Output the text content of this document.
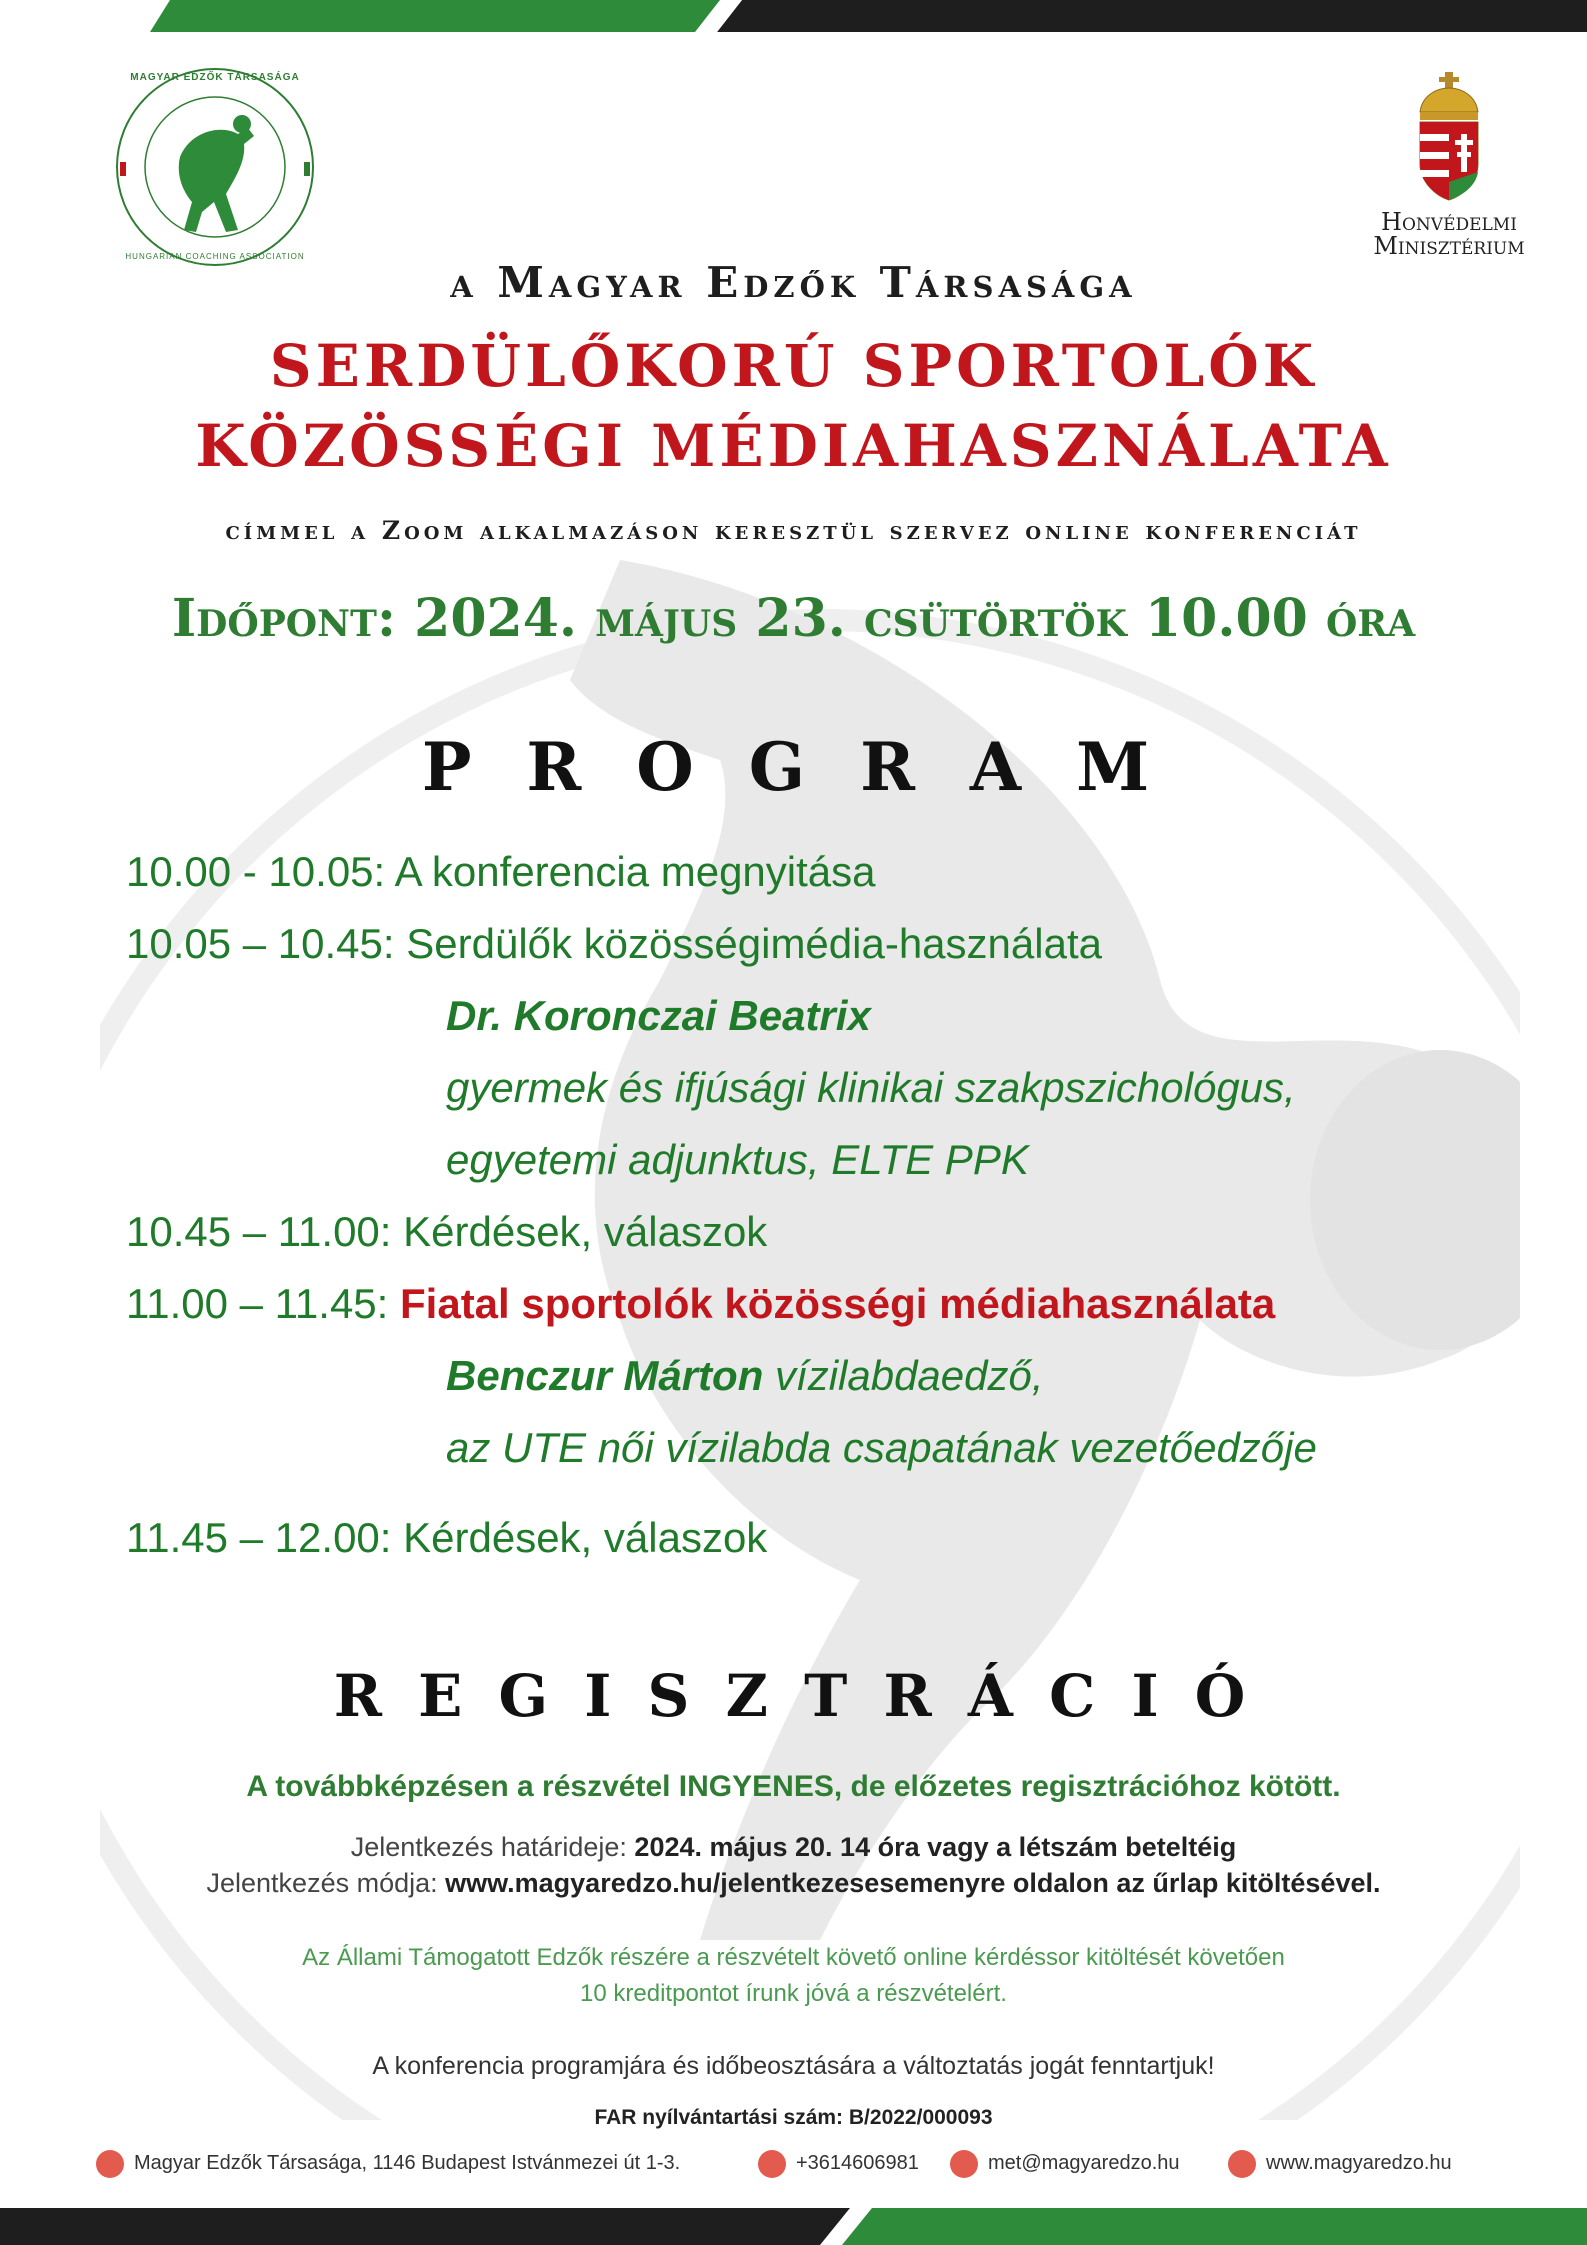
MAGYAR EDZŐK TÁRSASÁGA
HUNGARIAN COACHING ASSOCIATION
Honvédelmi
Minisztérium
a Magyar Edzők Társasága
SERDÜLŐKORÚ SPORTOLÓK
KÖZÖSSÉGI MÉDIAHASZNÁLATA
címmel a Zoom alkalmazáson keresztül szervez online konferenciát
Időpont: 2024. május 23. csütörtök 10.00 óra
P R O G R A M
10.00 - 10.05: A konferencia megnyitása
10.05 – 10.45: Serdülők közösségimédia-használata
Dr. Koronczai Beatrix
gyermek és ifjúsági klinikai szakpszichológus,
egyetemi adjunktus, ELTE PPK
10.45 – 11.00: Kérdések, válaszok
11.00 – 11.45: Fiatal sportolók közösségi médiahasználata
Benczur Márton vízilabdaedző,
az UTE női vízilabda csapatának vezetőedzője
11.45 – 12.00: Kérdések, válaszok
R E G I S Z T R Á C I Ó
A továbbképzésen a részvétel INGYENES, de előzetes regisztrációhoz kötött.
Jelentkezés határideje: 2024. május 20. 14 óra vagy a létszám beteltéig
Jelentkezés módja: www.magyaredzo.hu/jelentkezesesemenyre oldalon az űrlap kitöltésével.
Az Állami Támogatott Edzők részére a részvételt követő online kérdéssor kitöltését követően
10 kreditpontot írunk jóvá a részvételért.
A konferencia programjára és időbeosztására a változtatás jogát fenntartjuk!
FAR nyílvántartási szám: B/2022/000093
Magyar Edzők Társasága, 1146 Budapest Istvánmezei út 1-3.	+3614606981	met@magyaredzo.hu	www.magyaredzo.hu
